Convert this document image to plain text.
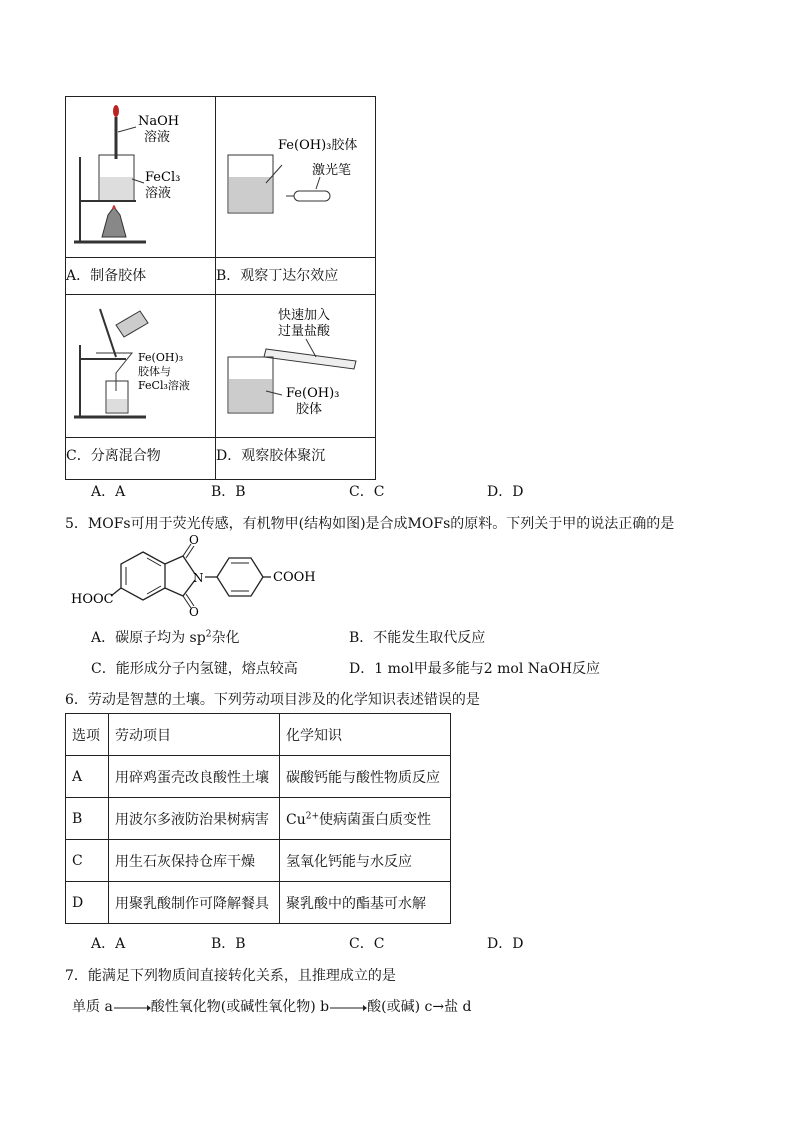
NaOH
溶液
FeCl₃
溶液	Fe(OH)₃胶体
激光笔

A．制备胶体	B．观察丁达尔效应

Fe(OH)₃
胶体与
FeCl₃溶液	快速加入
过量盐酸
Fe(OH)₃
胶体

C．分离混合物	D．观察胶体聚沉
A．A	B．B	C．C	D．D
5．MOFs可用于荧光传感，有机物甲(结构如图)是合成MOFs的原料。下列关于甲的说法正确的是
O
O
N	COOH
HOOC
A．碳原子均为 $sp^2$杂化	B．不能发生取代反应
C．能形成分子内氢键，熔点较高	D．1 mol甲最多能与2 mol NaOH反应
6．劳动是智慧的土壤。下列劳动项目涉及的化学知识表述错误的是
选项	劳动项目	化学知识
A	用碎鸡蛋壳改良酸性土壤	碳酸钙能与酸性物质反应
B	用波尔多液防治果树病害	$Cu^{2+}$使病菌蛋白质变性
C	用生石灰保持仓库干燥	氢氧化钙能与水反应
D	用聚乳酸制作可降解餐具	聚乳酸中的酯基可水解
A．A	B．B	C．C	D．D
7．能满足下列物质间直接转化关系，且推理成立的是
单质 a	酸性氧化物(或碱性氧化物) b	酸(或碱) c →盐 d
